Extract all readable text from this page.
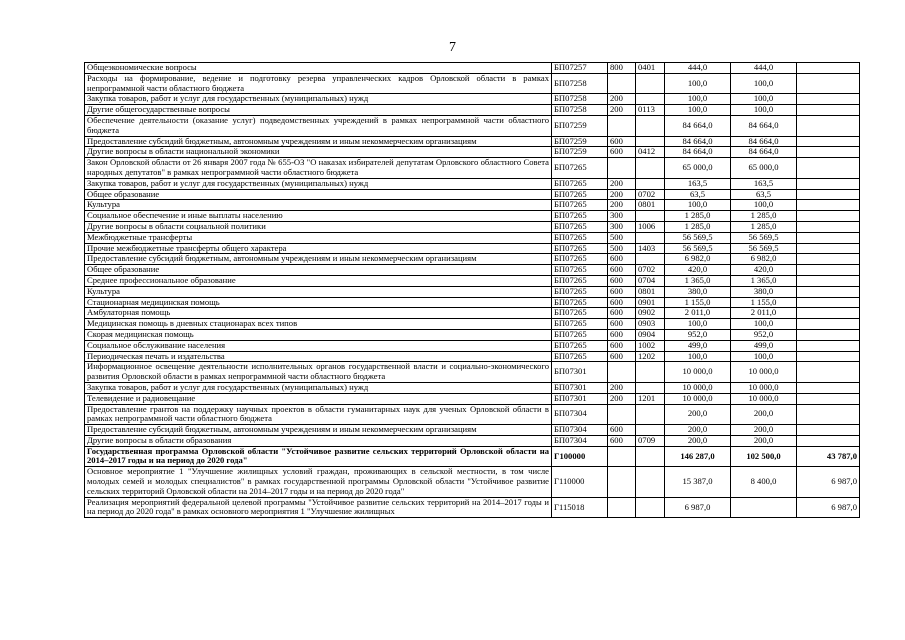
7
Общеэкономические вопросы	БП07257	800	0401	444,0	444,0	
Расходы на формирование, ведение и подготовку резерва управленческих кадров Орловской области в рамках непрограммной части областного бюджета	БП07258			100,0	100,0	
Закупка товаров, работ и услуг для государственных (муниципальных) нужд	БП07258	200		100,0	100,0	
Другие общегосударственные вопросы	БП07258	200	0113	100,0	100,0	
Обеспечение деятельности (оказание услуг) подведомственных учреждений в рамках непрограммной части областного бюджета	БП07259			84 664,0	84 664,0	
Предоставление субсидий бюджетным, автономным учреждениям и иным некоммерческим организациям	БП07259	600		84 664,0	84 664,0	
Другие вопросы в области национальной экономики	БП07259	600	0412	84 664,0	84 664,0	
Закон Орловской области от 26 января 2007 года № 655-ОЗ "О наказах избирателей депутатам Орловского областного Совета народных депутатов" в рамках непрограммной части областного бюджета	БП07265			65 000,0	65 000,0	
Закупка товаров, работ и услуг для государственных (муниципальных) нужд	БП07265	200		163,5	163,5	
Общее образование	БП07265	200	0702	63,5	63,5	
Культура	БП07265	200	0801	100,0	100,0	
Социальное обеспечение и иные выплаты населению	БП07265	300		1 285,0	1 285,0	
Другие вопросы в области социальной политики	БП07265	300	1006	1 285,0	1 285,0	
Межбюджетные трансферты	БП07265	500		56 569,5	56 569,5	
Прочие межбюджетные трансферты общего характера	БП07265	500	1403	56 569,5	56 569,5	
Предоставление субсидий бюджетным, автономным учреждениям и иным некоммерческим организациям	БП07265	600		6 982,0	6 982,0	
Общее образование	БП07265	600	0702	420,0	420,0	
Среднее профессиональное образование	БП07265	600	0704	1 365,0	1 365,0	
Культура	БП07265	600	0801	380,0	380,0	
Стационарная медицинская помощь	БП07265	600	0901	1 155,0	1 155,0	
Амбулаторная помощь	БП07265	600	0902	2 011,0	2 011,0	
Медицинская помощь в дневных стационарах всех типов	БП07265	600	0903	100,0	100,0	
Скорая медицинская помощь	БП07265	600	0904	952,0	952,0	
Социальное обслуживание населения	БП07265	600	1002	499,0	499,0	
Периодическая печать и издательства	БП07265	600	1202	100,0	100,0	
Информационное освещение деятельности исполнительных органов государственной власти и социально-экономического развития Орловской области в рамках непрограммной части областного бюджета	БП07301			10 000,0	10 000,0	
Закупка товаров, работ и услуг для государственных (муниципальных) нужд	БП07301	200		10 000,0	10 000,0	
Телевидение и радиовещание	БП07301	200	1201	10 000,0	10 000,0	
Предоставление грантов на поддержку научных проектов в области гуманитарных наук для ученых Орловской области в рамках непрограммной части областного бюджета	БП07304			200,0	200,0	
Предоставление субсидий бюджетным, автономным учреждениям и иным некоммерческим организациям	БП07304	600		200,0	200,0	
Другие вопросы в области образования	БП07304	600	0709	200,0	200,0	
Государственная программа Орловской области "Устойчивое развитие сельских территорий Орловской области на 2014–2017 годы и на период до 2020 года"	Г100000			146 287,0	102 500,0	43 787,0
Основное мероприятие 1 "Улучшение жилищных условий граждан, проживающих в сельской местности, в том числе молодых семей и молодых специалистов" в рамках государственной программы Орловской области "Устойчивое развитие сельских территорий Орловской области на 2014–2017 годы и на период до 2020 года"	Г110000			15 387,0	8 400,0	6 987,0
Реализация мероприятий федеральной целевой программы "Устойчивое развитие сельских территорий на 2014–2017 годы и на период до 2020 года" в рамках основного мероприятия 1 "Улучшение жилищных	Г115018			6 987,0		6 987,0
